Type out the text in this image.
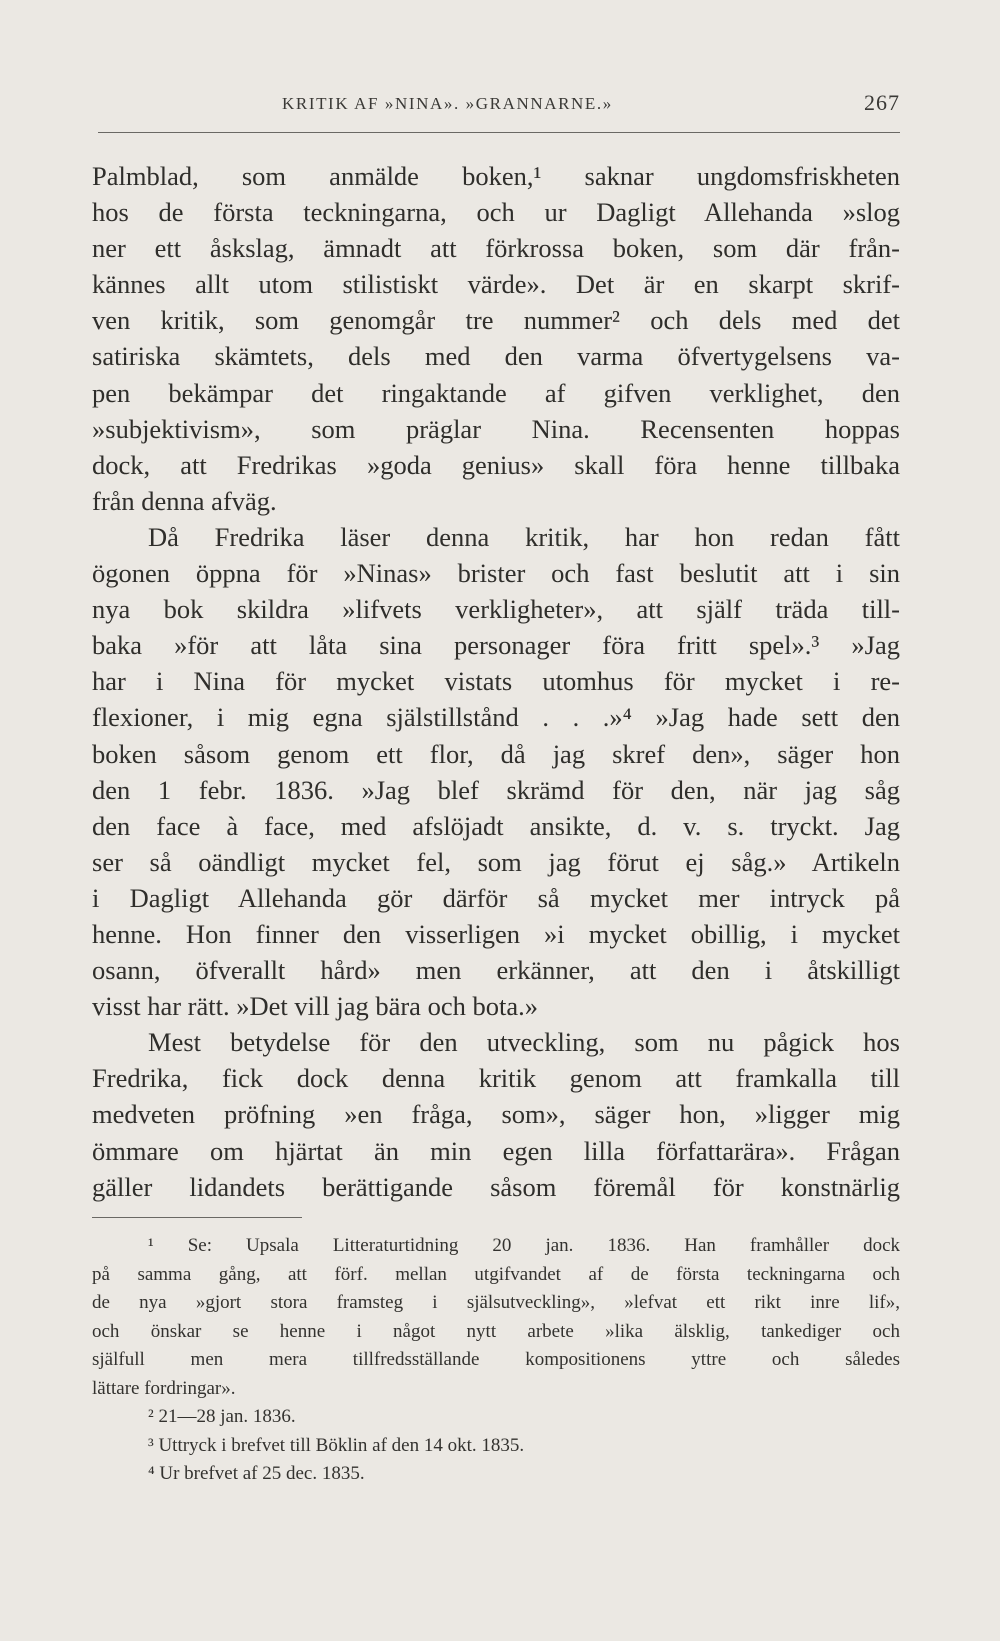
KRITIK AF »NINA». »GRANNARNE.»	267
Palmblad, som anmälde boken,¹ saknar ungdomsfriskheten
hos de första teckningarna, och ur Dagligt Allehanda »slog
ner ett åskslag, ämnadt att förkrossa boken, som där från-
kännes allt utom stilistiskt värde». Det är en skarpt skrif-
ven kritik, som genomgår tre nummer² och dels med det
satiriska skämtets, dels med den varma öfvertygelsens va-
pen bekämpar det ringaktande af gifven verklighet, den
»subjektivism», som präglar Nina. Recensenten hoppas
dock, att Fredrikas »goda genius» skall föra henne tillbaka
från denna afväg.
Då Fredrika läser denna kritik, har hon redan fått
ögonen öppna för »Ninas» brister och fast beslutit att i sin
nya bok skildra »lifvets verkligheter», att själf träda till-
baka »för att låta sina personager föra fritt spel».³ »Jag
har i Nina för mycket vistats utomhus för mycket i re-
flexioner, i mig egna själstillstånd . . .»⁴ »Jag hade sett den
boken såsom genom ett flor, då jag skref den», säger hon
den 1 febr. 1836. »Jag blef skrämd för den, när jag såg
den face à face, med afslöjadt ansikte, d. v. s. tryckt. Jag
ser så oändligt mycket fel, som jag förut ej såg.» Artikeln
i Dagligt Allehanda gör därför så mycket mer intryck på
henne. Hon finner den visserligen »i mycket obillig, i mycket
osann, öfverallt hård» men erkänner, att den i åtskilligt
visst har rätt. »Det vill jag bära och bota.»
Mest betydelse för den utveckling, som nu pågick hos
Fredrika, fick dock denna kritik genom att framkalla till
medveten pröfning »en fråga, som», säger hon, »ligger mig
ömmare om hjärtat än min egen lilla författarära». Frågan
gäller lidandets berättigande såsom föremål för konstnärlig
¹ Se: Upsala Litteraturtidning 20 jan. 1836. Han framhåller dock
på samma gång, att förf. mellan utgifvandet af de första teckningarna och
de nya »gjort stora framsteg i själsutveckling», »lefvat ett rikt inre lif»,
och önskar se henne i något nytt arbete »lika älsklig, tankediger och
själfull men mera tillfredsställande kompositionens yttre och således
lättare fordringar».
² 21—28 jan. 1836.
³ Uttryck i brefvet till Böklin af den 14 okt. 1835.
⁴ Ur brefvet af 25 dec. 1835.
